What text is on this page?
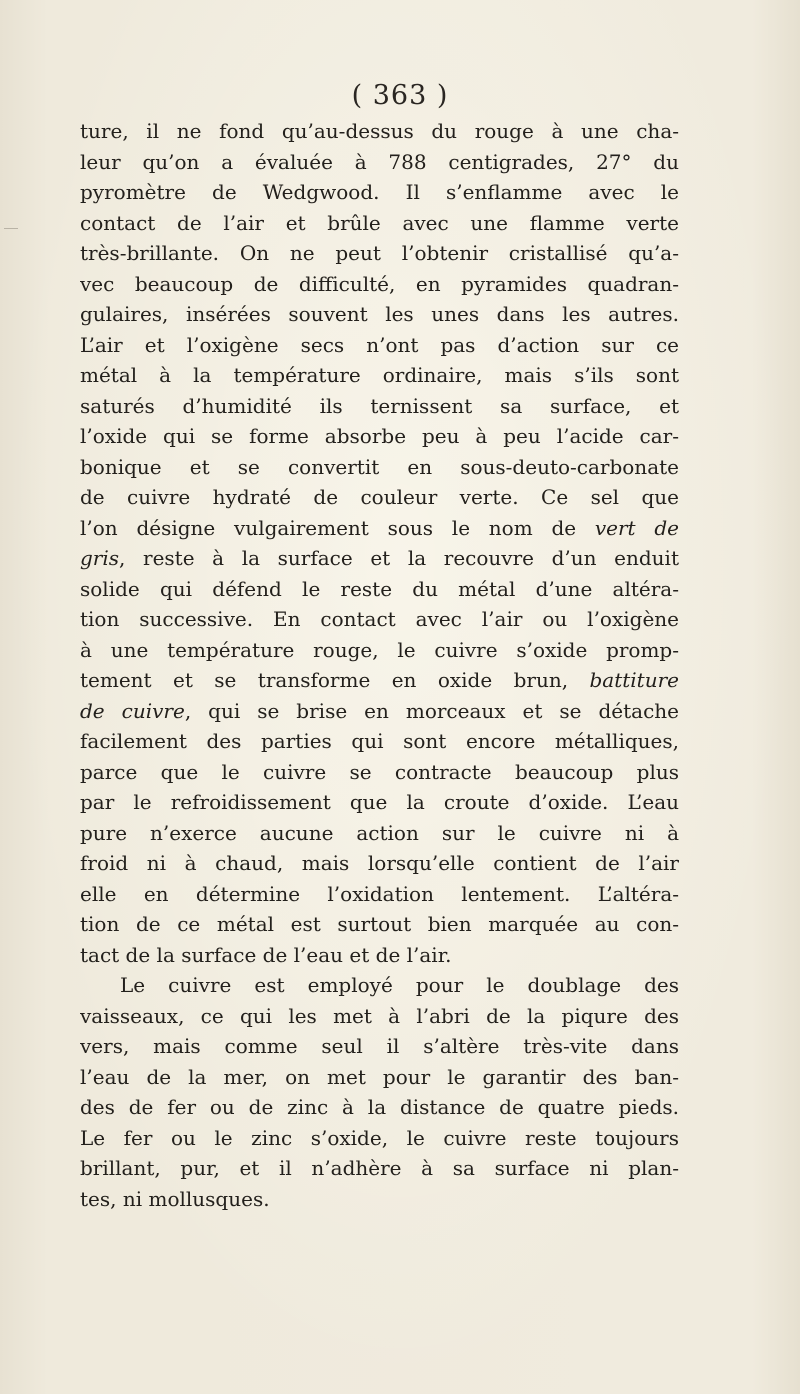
( 363 )
ture, il ne fond qu’au-dessus du rouge à une cha-
leur qu’on a évaluée à 788 centigrades, 27° du
pyromètre de Wedgwood. Il s’enflamme avec le
contact de l’air et brûle avec une flamme verte
très-brillante. On ne peut l’obtenir cristallisé qu’a-
vec beaucoup de difficulté, en pyramides quadran-
gulaires, insérées souvent les unes dans les autres.
L’air et l’oxigène secs n’ont pas d’action sur ce
métal à la température ordinaire, mais s’ils sont
saturés d’humidité ils ternissent sa surface, et
l’oxide qui se forme absorbe peu à peu l’acide car-
bonique et se convertit en sous-deuto-carbonate
de cuivre hydraté de couleur verte. Ce sel que
l’on désigne vulgairement sous le nom de vert de
gris, reste à la surface et la recouvre d’un enduit
solide qui défend le reste du métal d’une altéra-
tion successive. En contact avec l’air ou l’oxigène
à une température rouge, le cuivre s’oxide promp-
tement et se transforme en oxide brun, battiture
de cuivre, qui se brise en morceaux et se détache
facilement des parties qui sont encore métalliques,
parce que le cuivre se contracte beaucoup plus
par le refroidissement que la croute d’oxide. L’eau
pure n’exerce aucune action sur le cuivre ni à
froid ni à chaud, mais lorsqu’elle contient de l’air
elle en détermine l’oxidation lentement. L’altéra-
tion de ce métal est surtout bien marquée au con-
tact de la surface de l’eau et de l’air.
Le cuivre est employé pour le doublage des
vaisseaux, ce qui les met à l’abri de la piqure des
vers, mais comme seul il s’altère très-vite dans
l’eau de la mer, on met pour le garantir des ban-
des de fer ou de zinc à la distance de quatre pieds.
Le fer ou le zinc s’oxide, le cuivre reste toujours
brillant, pur, et il n’adhère à sa surface ni plan-
tes, ni mollusques.
